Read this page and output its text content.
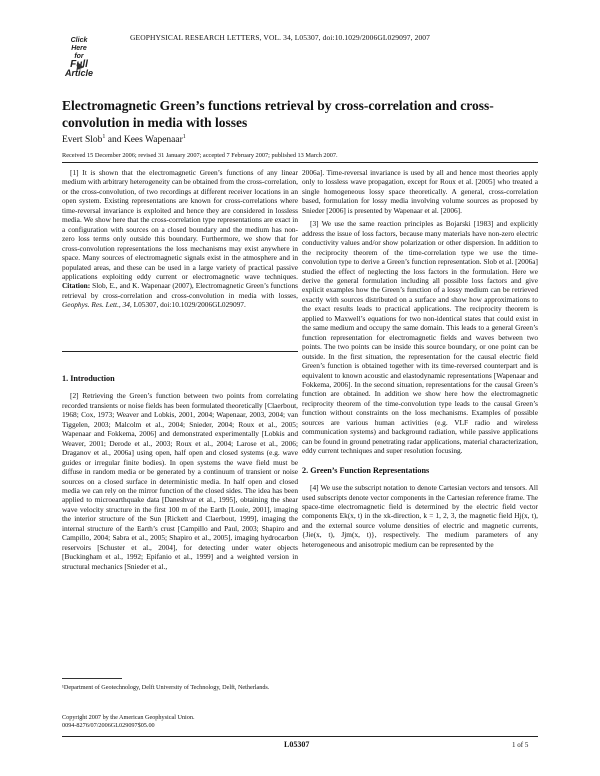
Click
Here
for
Full
Article
GEOPHYSICAL RESEARCH LETTERS, VOL. 34, L05307, doi:10.1029/2006GL029097, 2007
Electromagnetic Green’s functions retrieval by cross-correlation and cross-convolution in media with losses
Evert Slob$^1$ and Kees Wapenaar$^1$
Received 15 December 2006; revised 31 January 2007; accepted 7 February 2007; published 13 March 2007.

[1] It is shown that the electromagnetic Green’s functions of any linear medium with arbitrary heterogeneity can be obtained from the cross-correlation, or the cross-convolution, of two recordings at different receiver locations in an open system. Existing representations are known for cross-correlations where time-reversal invariance is exploited and hence they are considered in lossless media. We show here that the cross-correlation type representations are exact in a configuration with sources on a closed boundary and the medium has non-zero loss terms only outside this boundary. Furthermore, we show that for cross-convolution representations the loss mechanisms may exist anywhere in space. Many sources of electromagnetic signals exist in the atmosphere and in populated areas, and these can be used in a large variety of practical passive applications exploiting eddy current or electromagnetic wave techniques. Citation: Slob, E., and K. Wapenaar (2007), Electromagnetic Green’s functions retrieval by cross-correlation and cross-convolution in media with losses, Geophys. Res. Lett., 34, L05307, doi:10.1029/2006GL029097.

1. Introduction

[2] Retrieving the Green’s function between two points from correlating recorded transients or noise fields has been formulated theoretically [Claerbout, 1968; Cox, 1973; Weaver and Lobkis, 2001, 2004; Wapenaar, 2003, 2004; van Tiggelen, 2003; Malcolm et al., 2004; Snieder, 2004; Roux et al., 2005; Wapenaar and Fokkema, 2006] and demonstrated experimentally [Lobkis and Weaver, 2001; Derode et al., 2003; Roux et al., 2004; Larose et al., 2006; Draganov et al., 2006a] using open, half open and closed systems (e.g. wave guides or irregular finite bodies). In open systems the wave field must be diffuse in random media or be generated by a continuum of transient or noise sources on a closed surface in deterministic media. In half open and closed media we can rely on the mirror function of the closed sides. The idea has been applied to microearthquake data [Daneshvar et al., 1995], obtaining the shear wave velocity structure in the first 100 m of the Earth [Louie, 2001], imaging the interior structure of the Sun [Rickett and Claerbout, 1999], imaging the internal structure of the Earth’s crust [Campillo and Paul, 2003; Shapiro and Campillo, 2004; Sabra et al., 2005; Shapiro et al., 2005], imaging hydrocarbon reservoirs [Schuster et al., 2004], for detecting under water objects [Buckingham et al., 1992; Epifanio et al., 1999] and a weighted version in structural mechanics [Snieder et al.,

2006a]. Time-reversal invariance is used by all and hence most theories apply only to lossless wave propagation, except for Roux et al. [2005] who treated a single homogeneous lossy space theoretically. A general, cross-correlation based, formulation for lossy media involving volume sources as proposed by Snieder [2006] is presented by Wapenaar et al. [2006].

[3] We use the same reaction principles as Bojarski [1983] and explicitly address the issue of loss factors, because many materials have non-zero electric conductivity values and/or show polarization or other dispersion. In addition to the reciprocity theorem of the time-correlation type we use the time-convolution type to derive a Green’s function representation. Slob et al. [2006a] studied the effect of neglecting the loss factors in the formulation. Here we derive the general formulation including all possible loss factors and give explicit examples how the Green’s function of a lossy medium can be retrieved exactly with sources distributed on a surface and show how approximations to the exact results leads to practical applications. The reciprocity theorem is applied to Maxwell’s equations for two non-identical states that could exist in the same medium and occupy the same domain. This leads to a general Green’s function representation for electromagnetic fields and waves between two points. The two points can be inside this source boundary, or one point can be outside. In the first situation, the representation for the causal electric field Green’s function is obtained together with its time-reversed counterpart and is equivalent to known acoustic and elastodynamic representations [Wapenaar and Fokkema, 2006]. In the second situation, representations for the causal Green’s function are obtained. In addition we show here how the electromagnetic reciprocity theorem of the time-convolution type leads to the causal Green’s function without constraints on the loss mechanisms. Examples of possible sources are various human activities (e.g. VLF radio and wireless communication systems) and background radiation, while passive applications can be found in ground penetrating radar applications, material characterization, eddy current techniques and super resolution focusing.

2. Green’s Function Representations

[4] We use the subscript notation to denote Cartesian vectors and tensors. All used subscripts denote vector components in the Cartesian reference frame. The space-time electromagnetic field is determined by the electric field vector components Ek(x, t) in the xk-direction, k = 1, 2, 3, the magnetic field Hj(x, t), and the external source volume densities of electric and magnetic currents, {Jie(x, t), Jjm(x, t)}, respectively. The medium parameters of any heterogeneous and anisotropic medium can be represented by the

¹Department of Geotechnology, Delft University of Technology, Delft, Netherlands.
Copyright 2007 by the American Geophysical Union.
0094-8276/07/2006GL029097$05.00
L05307	1 of 5
